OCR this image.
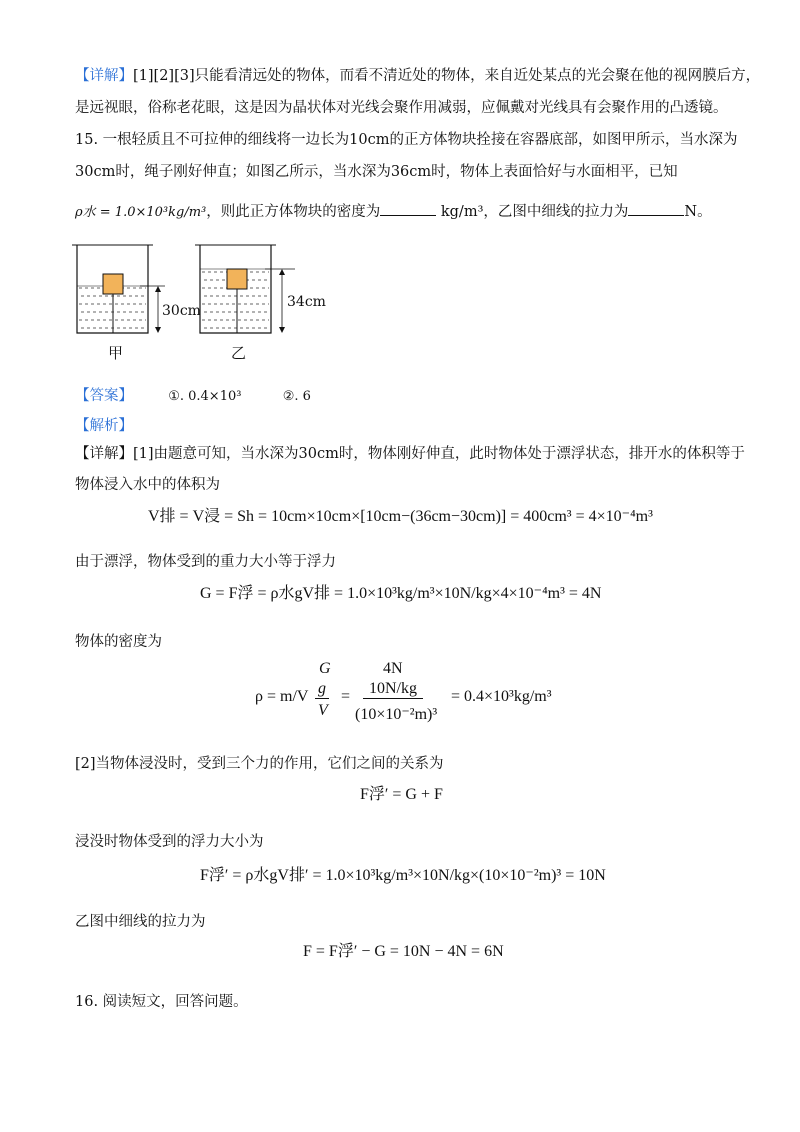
【详解】[1][2][3]只能看清远处的物体，而看不清近处的物体，来自近处某点的光会聚在他的视网膜后方，
是远视眼，俗称老花眼，这是因为晶状体对光线会聚作用减弱，应佩戴对光线具有会聚作用的凸透镜。
15. 一根轻质且不可拉伸的细线将一边长为10cm的正方体物块拴接在容器底部，如图甲所示，当水深为
30cm时，绳子刚好伸直；如图乙所示，当水深为36cm时，物体上表面恰好与水面相平，已知
ρ水 = 1.0×10³kg/m³，则此正方体物块的密度为	kg/m³，乙图中细线的拉力为	N。
30cm
34cm
甲	乙
【答案】	①. 0.4×10³	②. 6
【解析】
【详解】[1]由题意可知，当水深为30cm时，物体刚好伸直，此时物体处于漂浮状态，排开水的体积等于
物体浸入水中的体积为
V排 = V浸 = Sh = 10cm×10cm×[10cm−(36cm−30cm)] = 400cm³ = 4×10⁻⁴m³
由于漂浮，物体受到的重力大小等于浮力
G = F浮 = ρ水gV排 = 1.0×10³kg/m³×10N/kg×4×10⁻⁴m³ = 4N
物体的密度为
G	4N
ρ = m/V g
V
=	10N/kg
(10×10⁻²m)³
= 0.4×10³kg/m³
[2]当物体浸没时，受到三个力的作用，它们之间的关系为
F浮′ = G + F
浸没时物体受到的浮力大小为
F浮′ = ρ水gV排′ = 1.0×10³kg/m³×10N/kg×(10×10⁻²m)³ = 10N
乙图中细线的拉力为
F = F浮′ − G = 10N − 4N = 6N
16. 阅读短文，回答问题。
